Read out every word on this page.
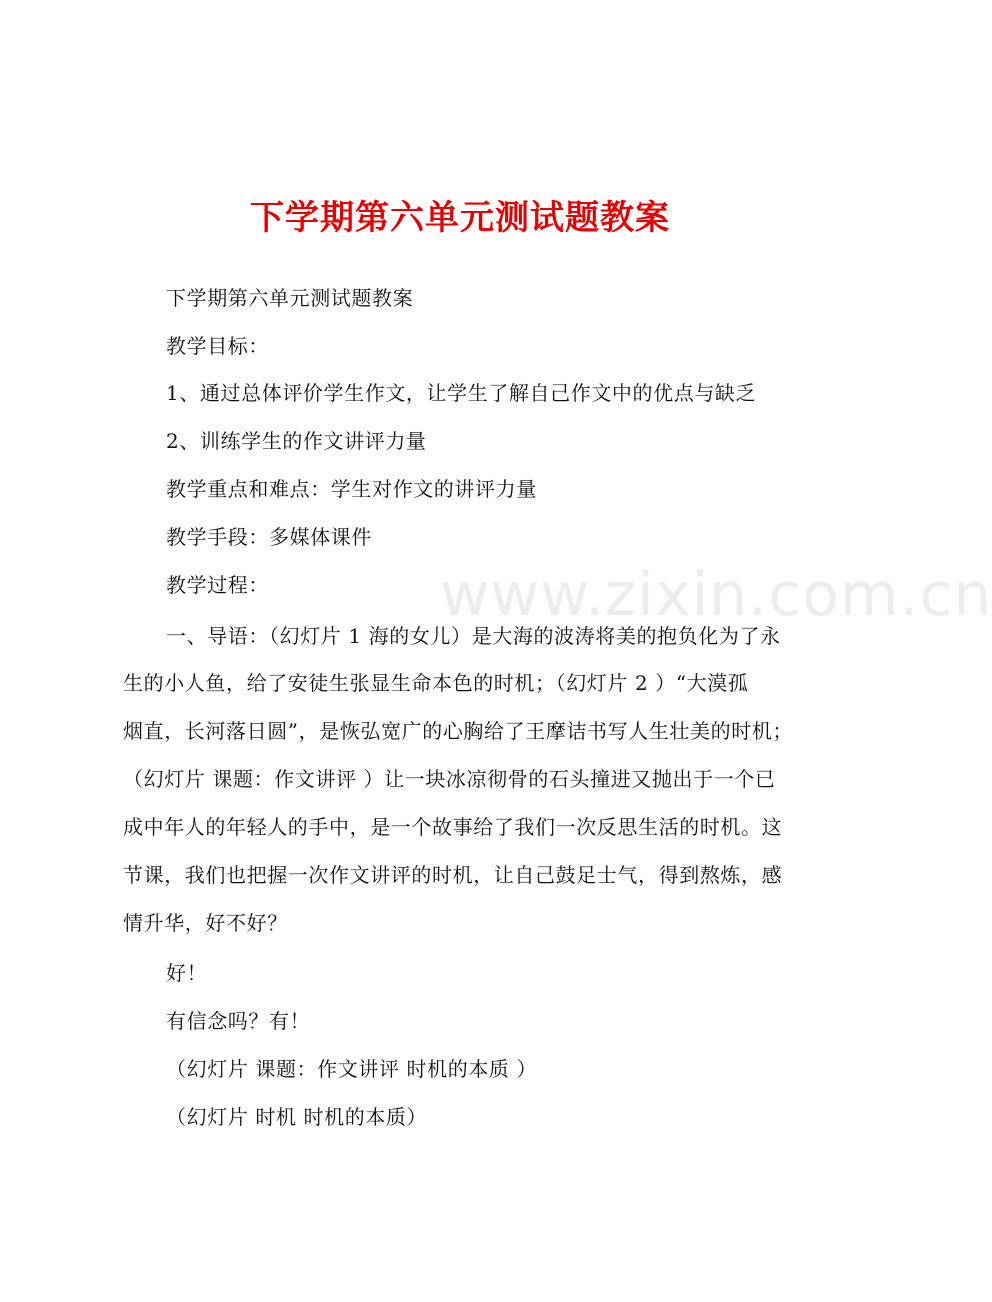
www.zixin.com.cn
下学期第六单元测试题教案
下学期第六单元测试题教案
教学目标：
1、通过总体评价学生作文，让学生了解自己作文中的优点与缺乏
2、训练学生的作文讲评力量
教学重点和难点：学生对作文的讲评力量
教学手段：多媒体课件
教学过程：
一、导语：（幻灯片 1 海的女儿）是大海的波涛将美的抱负化为了永
生的小人鱼，给了安徒生张显生命本色的时机；（幻灯片 2 ）“大漠孤
烟直，长河落日圆”，是恢弘宽广的心胸给了王摩诘书写人生壮美的时机；
（幻灯片 课题：作文讲评 ）让一块冰凉彻骨的石头撞进又抛出于一个已
成中年人的年轻人的手中，是一个故事给了我们一次反思生活的时机。这
节课，我们也把握一次作文讲评的时机，让自己鼓足士气，得到熬炼，感
情升华，好不好？
好！
有信念吗？有！
（幻灯片 课题：作文讲评 时机的本质 ）
（幻灯片 时机 时机的本质）
